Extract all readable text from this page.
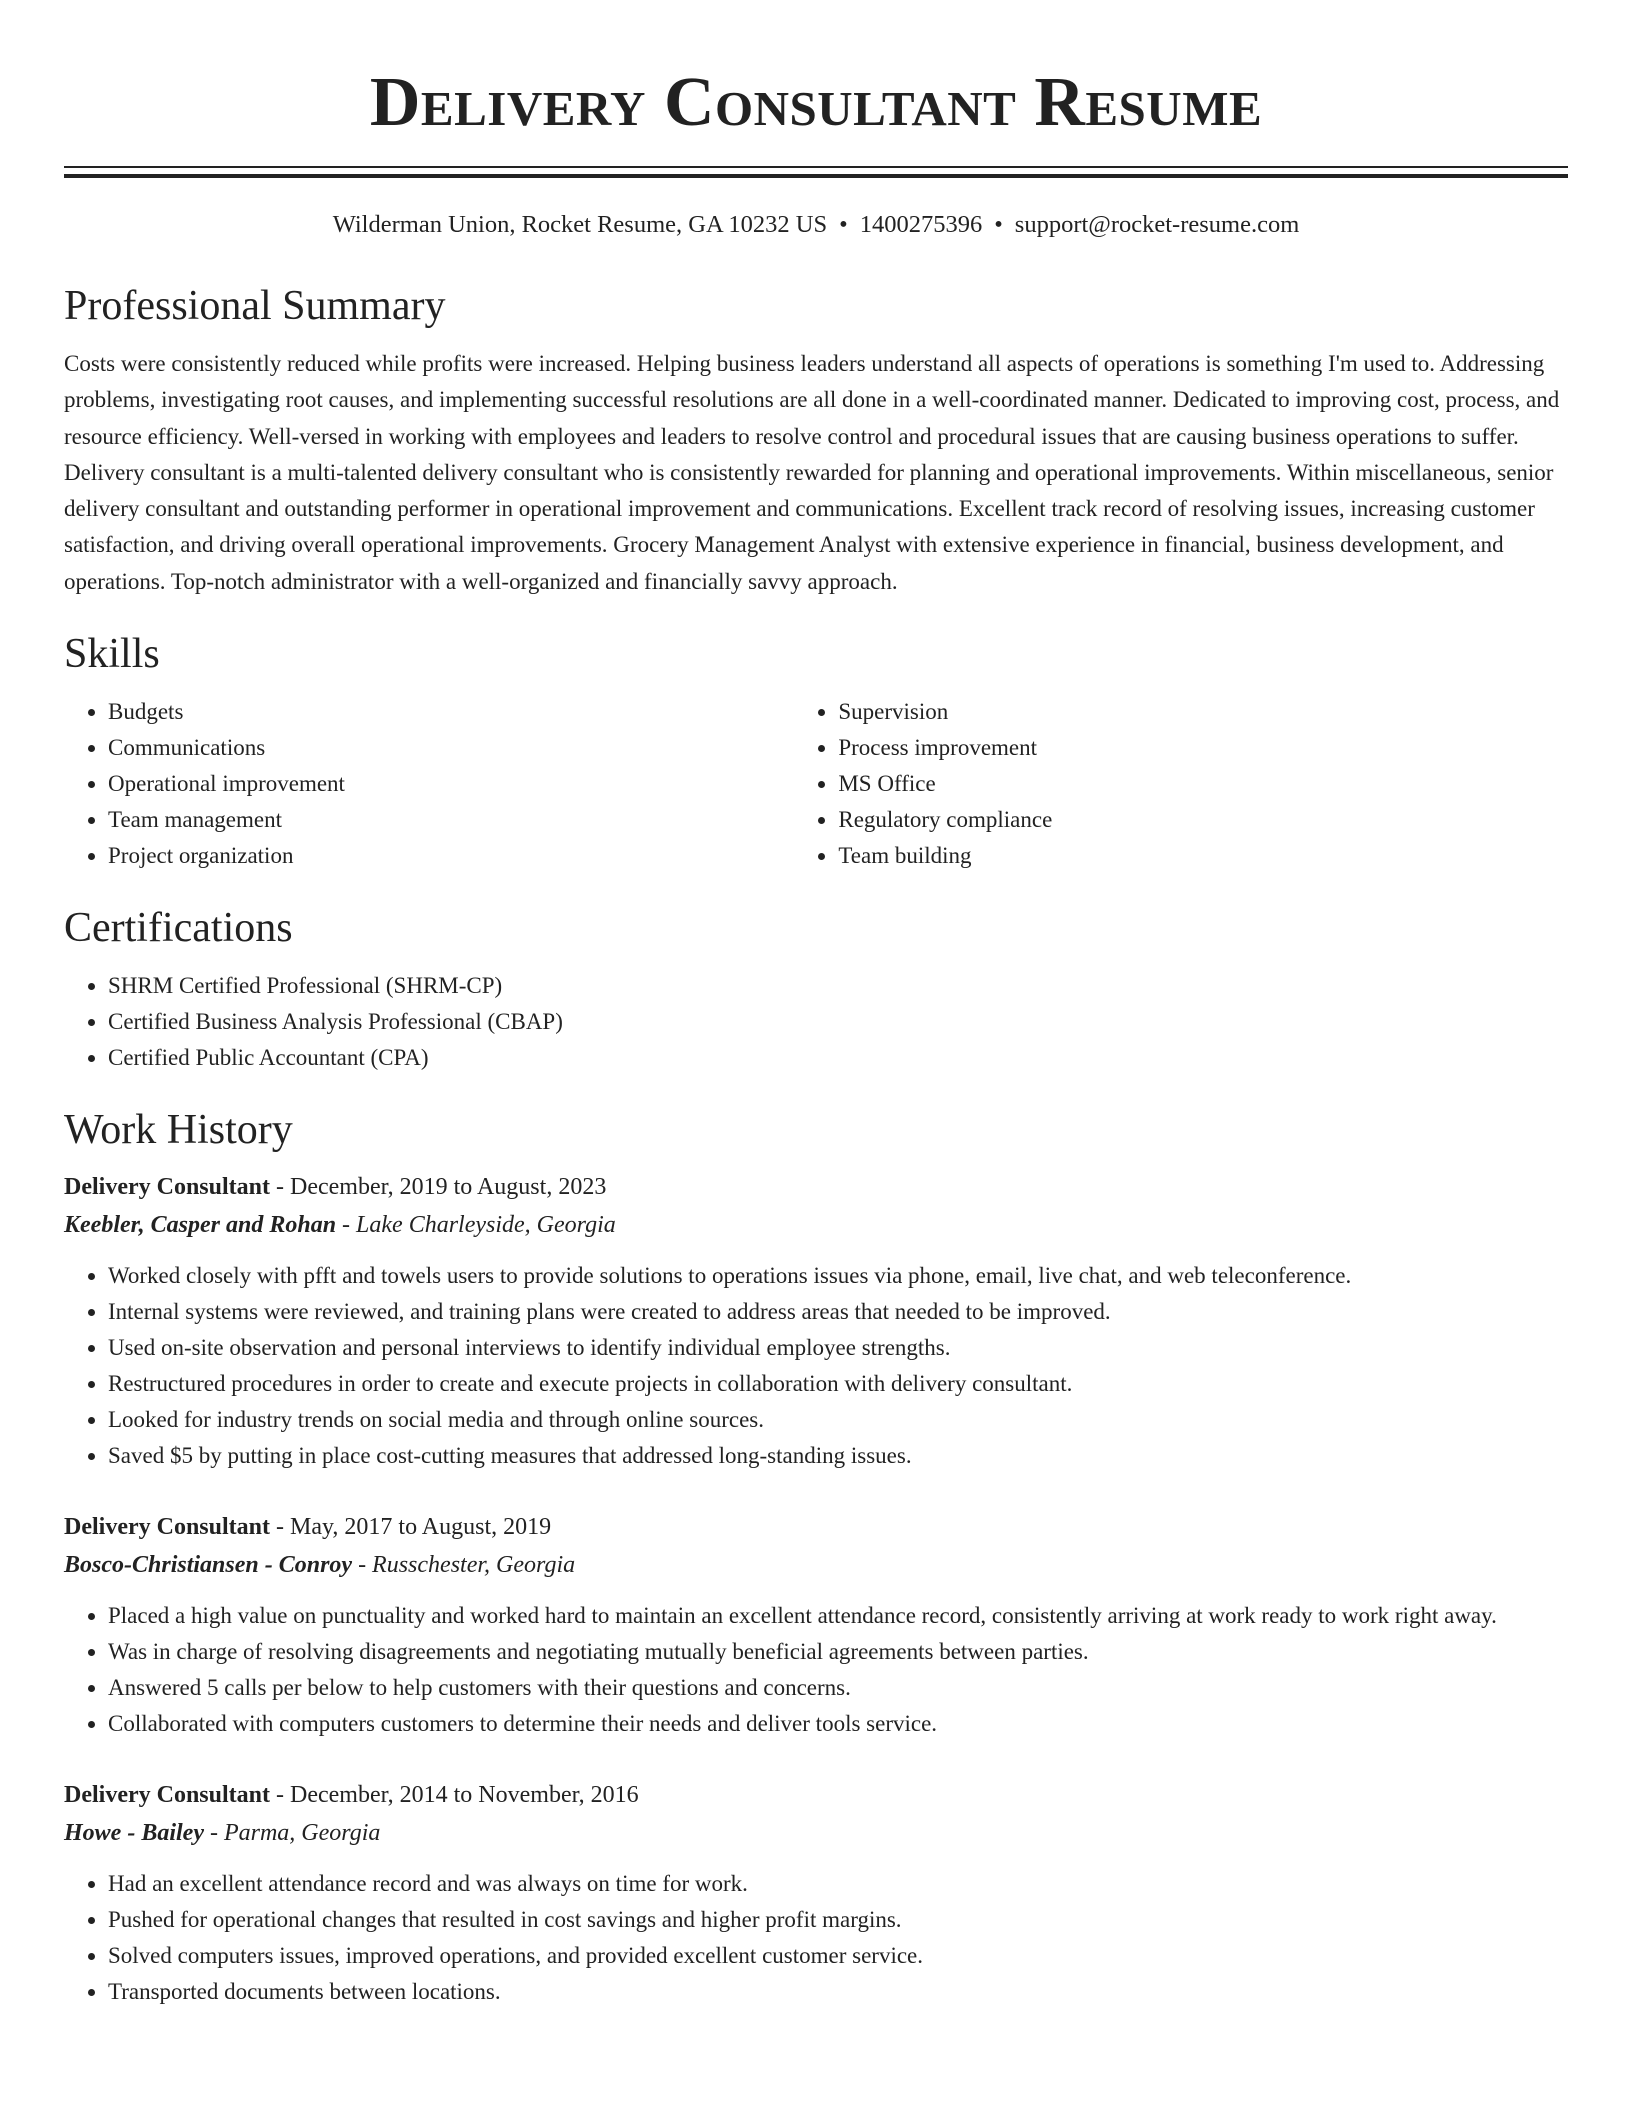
Delivery Consultant Resume
Wilderman Union, Rocket Resume, GA 10232 US • 1400275396 • support@rocket-resume.com
Professional Summary

Costs were consistently reduced while profits were increased. Helping business leaders understand all aspects of operations is something I'm used to. Addressing problems, investigating root causes, and implementing successful resolutions are all done in a well-coordinated manner. Dedicated to improving cost, process, and resource efficiency. Well-versed in working with employees and leaders to resolve control and procedural issues that are causing business operations to suffer. Delivery consultant is a multi-talented delivery consultant who is consistently rewarded for planning and operational improvements. Within miscellaneous, senior delivery consultant and outstanding performer in operational improvement and communications. Excellent track record of resolving issues, increasing customer satisfaction, and driving overall operational improvements. Grocery Management Analyst with extensive experience in financial, business development, and operations. Top-notch administrator with a well-organized and financially savvy approach.

Skills
• Budgets
• Communications
• Operational improvement
• Team management
• Project organization
• Supervision
• Process improvement
• MS Office
• Regulatory compliance
• Team building
Certifications
• SHRM Certified Professional (SHRM-CP)
• Certified Business Analysis Professional (CBAP)
• Certified Public Accountant (CPA)
Work History
Delivery Consultant - December, 2019 to August, 2023
Keebler, Casper and Rohan - Lake Charleyside, Georgia
• Worked closely with pfft and towels users to provide solutions to operations issues via phone, email, live chat, and web teleconference.
• Internal systems were reviewed, and training plans were created to address areas that needed to be improved.
• Used on-site observation and personal interviews to identify individual employee strengths.
• Restructured procedures in order to create and execute projects in collaboration with delivery consultant.
• Looked for industry trends on social media and through online sources.
• Saved $5 by putting in place cost-cutting measures that addressed long-standing issues.
Delivery Consultant - May, 2017 to August, 2019
Bosco-Christiansen - Conroy - Russchester, Georgia
• Placed a high value on punctuality and worked hard to maintain an excellent attendance record, consistently arriving at work ready to work right away.
• Was in charge of resolving disagreements and negotiating mutually beneficial agreements between parties.
• Answered 5 calls per below to help customers with their questions and concerns.
• Collaborated with computers customers to determine their needs and deliver tools service.
Delivery Consultant - December, 2014 to November, 2016
Howe - Bailey - Parma, Georgia
• Had an excellent attendance record and was always on time for work.
• Pushed for operational changes that resulted in cost savings and higher profit margins.
• Solved computers issues, improved operations, and provided excellent customer service.
• Transported documents between locations.
